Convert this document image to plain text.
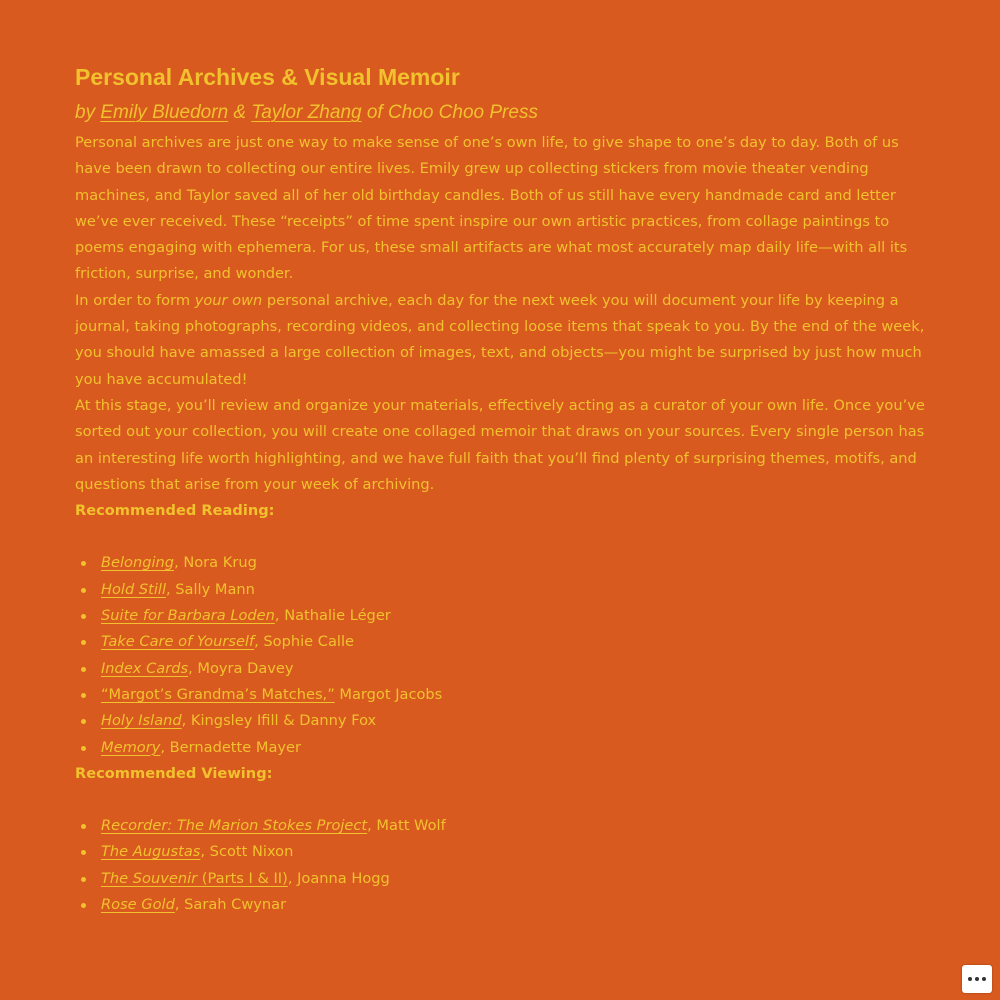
Personal Archives & Visual Memoir
by Emily Bluedorn & Taylor Zhang of Choo Choo Press

Personal archives are just one way to make sense of one’s own life, to give shape to one’s day to day. Both of us have been drawn to collecting our entire lives. Emily grew up collecting stickers from movie theater vending machines, and Taylor saved all of her old birthday candles. Both of us still have every handmade card and letter we’ve ever received. These “receipts” of time spent inspire our own artistic practices, from collage paintings to poems engaging with ephemera. For us, these small artifacts are what most accurately map daily life—with all its friction, surprise, and wonder.

In order to form your own personal archive, each day for the next week you will document your life by keeping a journal, taking photographs, recording videos, and collecting loose items that speak to you. By the end of the week, you should have amassed a large collection of images, text, and objects—you might be surprised by just how much you have accumulated!

At this stage, you’ll review and organize your materials, effectively acting as a curator of your own life. Once you’ve sorted out your collection, you will create one collaged memoir that draws on your sources. Every single person has an interesting life worth highlighting, and we have full faith that you’ll find plenty of surprising themes, motifs, and questions that arise from your week of archiving.

Recommended Reading:

Belonging, Nora Krug
Hold Still, Sally Mann
Suite for Barbara Loden, Nathalie Léger
Take Care of Yourself, Sophie Calle
Index Cards, Moyra Davey
“Margot’s Grandma’s Matches,” Margot Jacobs
Holy Island, Kingsley Ifill & Danny Fox
Memory, Bernadette Mayer

Recommended Viewing:

Recorder: The Marion Stokes Project, Matt Wolf
The Augustas, Scott Nixon
The Souvenir (Parts I & II), Joanna Hogg
Rose Gold, Sarah Cwynar
